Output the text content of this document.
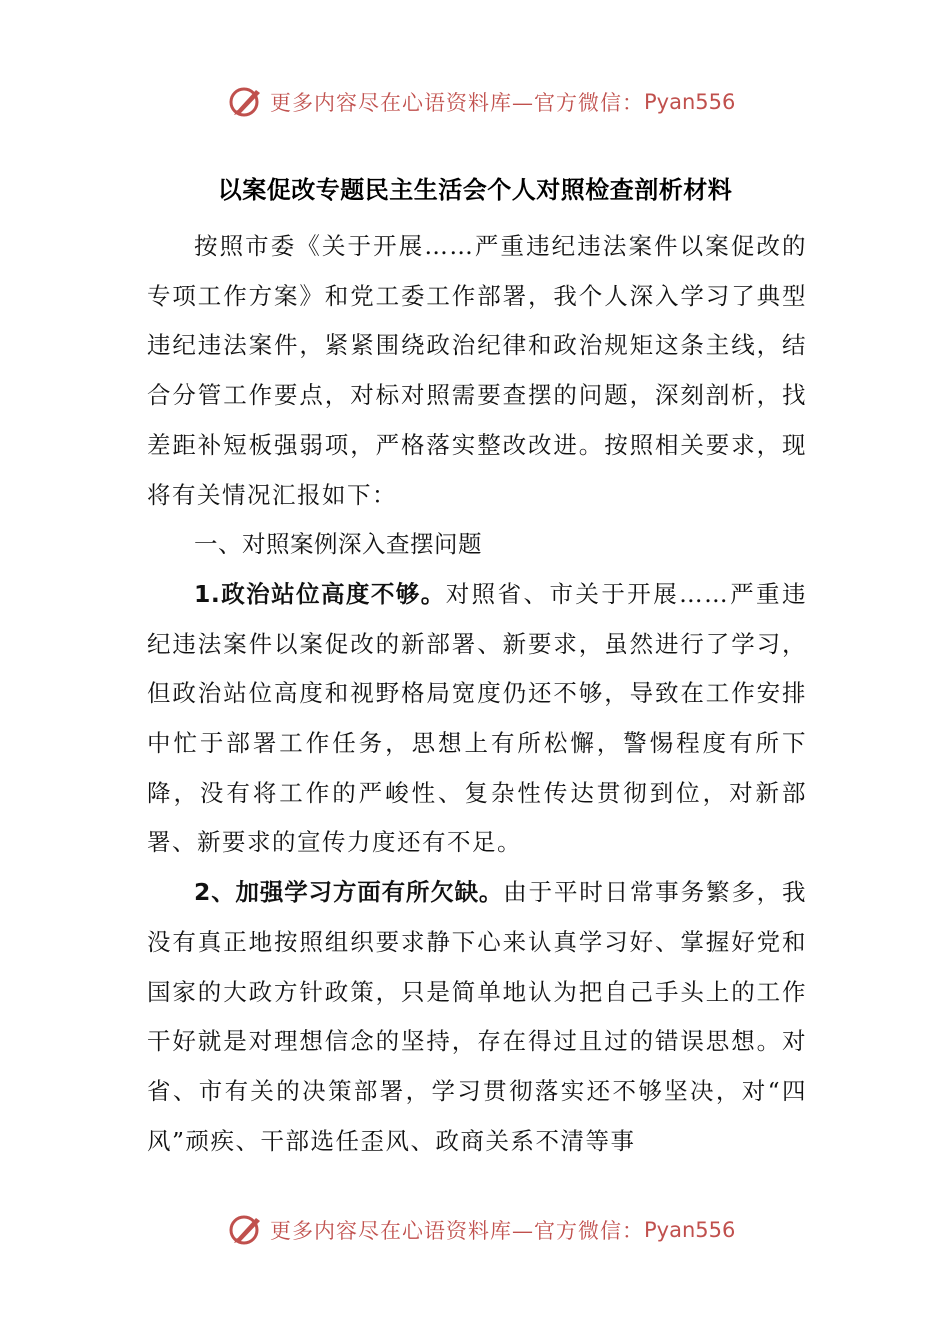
更多内容尽在心语资料库—官方微信： Pyan556
以案促改专题民主生活会个人对照检查剖析材料

按照市委《关于开展……严重违纪违法案件以案促改的专项工作方案》和党工委工作部署，我个人深入学习了典型违纪违法案件，紧紧围绕政治纪律和政治规矩这条主线，结合分管工作要点，对标对照需要查摆的问题，深刻剖析，找差距补短板强弱项，严格落实整改改进。按照相关要求，现将有关情况汇报如下：

一、对照案例深入查摆问题

1.政治站位高度不够。对照省、市关于开展……严重违纪违法案件以案促改的新部署、新要求，虽然进行了学习，但政治站位高度和视野格局宽度仍还不够，导致在工作安排中忙于部署工作任务，思想上有所松懈，警惕程度有所下降，没有将工作的严峻性、复杂性传达贯彻到位，对新部署、新要求的宣传力度还有不足。

2、加强学习方面有所欠缺。由于平时日常事务繁多，我没有真正地按照组织要求静下心来认真学习好、掌握好党和国家的大政方针政策，只是简单地认为把自己手头上的工作干好就是对理想信念的坚持，存在得过且过的错误思想。对省、市有关的决策部署，学习贯彻落实还不够坚决，对“四风”顽疾、干部选任歪风、政商关系不清等事

更多内容尽在心语资料库—官方微信： Pyan556
